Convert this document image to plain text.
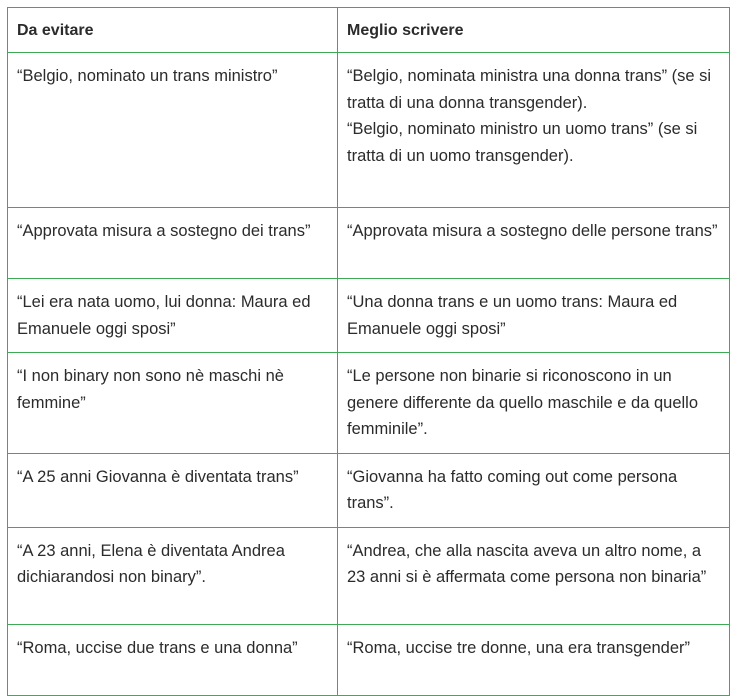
Da evitare	Meglio scrivere

“Belgio, nominato un trans ministro”	“Belgio, nominata ministra una donna trans” (se si tratta di una donna transgender).
“Belgio, nominato ministro un uomo trans” (se si tratta di un uomo transgender).

“Approvata misura a sostegno dei trans”	“Approvata misura a sostegno delle persone trans”

“Lei era nata uomo, lui donna: Maura ed Emanuele oggi sposi”	“Una donna trans e un uomo trans: Maura ed Emanuele oggi sposi”

“I non binary non sono nè maschi nè femmine”	“Le persone non binarie si riconoscono in un genere differente da quello maschile e da quello femminile”.

“A 25 anni Giovanna è diventata trans”	“Giovanna ha fatto coming out come persona trans”.

“A 23 anni, Elena è diventata Andrea dichiarandosi non binary”.	“Andrea, che alla nascita aveva un altro nome, a 23 anni si è affermata come persona non binaria”

“Roma, uccise due trans e una donna”	“Roma, uccise tre donne, una era transgender”
